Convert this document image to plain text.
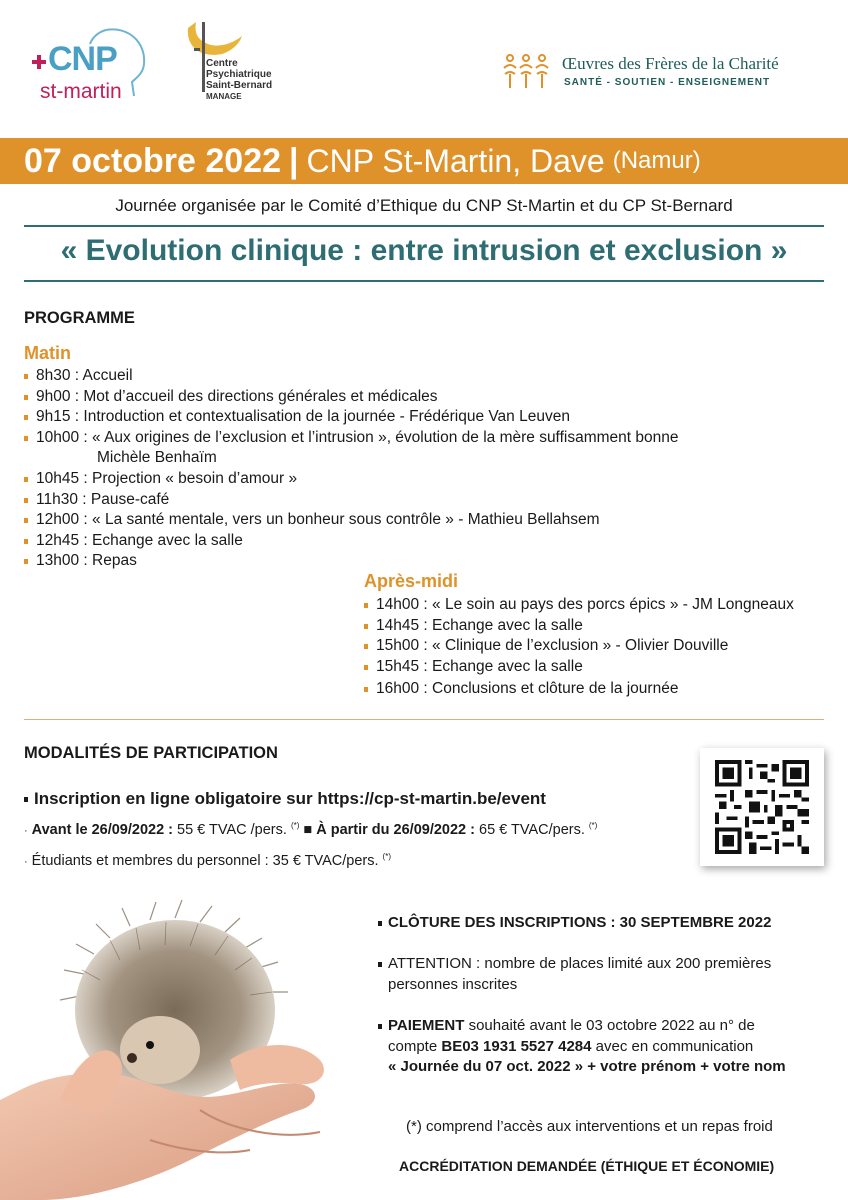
CNP
st-martin
Centre
Psychiatrique
Saint-Bernard
MANAGE
Œuvres des Frères de la Charité
SANTÉ - SOUTIEN - ENSEIGNEMENT
07 octobre 2022 | CNP St-Martin, Dave (Namur)
Journée organisée par le Comité d’Ethique du CNP St-Martin et du CP St-Bernard
« Evolution clinique : entre intrusion et exclusion »
PROGRAMME
Matin
8h30 : Accueil
9h00 : Mot d’accueil des directions générales et médicales
9h15 : Introduction et contextualisation de la journée - Frédérique Van Leuven
10h00 : « Aux origines de l’exclusion et l’intrusion », évolution de la mère suffisamment bonne
Michèle Benhaïm
10h45 : Projection « besoin d’amour »
11h30 : Pause-café
12h00 : « La santé mentale, vers un bonheur sous contrôle » - Mathieu Bellahsem
12h45 : Echange avec la salle
13h00 : Repas
Après-midi
14h00 : « Le soin au pays des porcs épics » - JM Longneaux
14h45 : Echange avec la salle
15h00 : « Clinique de l’exclusion » - Olivier Douville
15h45 : Echange avec la salle
16h00 : Conclusions et clôture de la journée
MODALITÉS DE PARTICIPATION
Inscription en ligne obligatoire sur https://cp-st-martin.be/event
· Avant le 26/09/2022 : 55 € TVAC /pers. (*) ■ À partir du 26/09/2022 : 65 € TVAC/pers. (*)
· Étudiants et membres du personnel : 35 € TVAC/pers. (*)
CLÔTURE DES INSCRIPTIONS : 30 SEPTEMBRE 2022
ATTENTION : nombre de places limité aux 200 premières
personnes inscrites
PAIEMENT souhaité avant le 03 octobre 2022 au n° de
compte BE03 1931 5527 4284 avec en communication
« Journée du 07 oct. 2022 » + votre prénom + votre nom
(*) comprend l’accès aux interventions et un repas froid
ACCRÉDITATION DEMANDÉE (ÉTHIQUE ET ÉCONOMIE)
